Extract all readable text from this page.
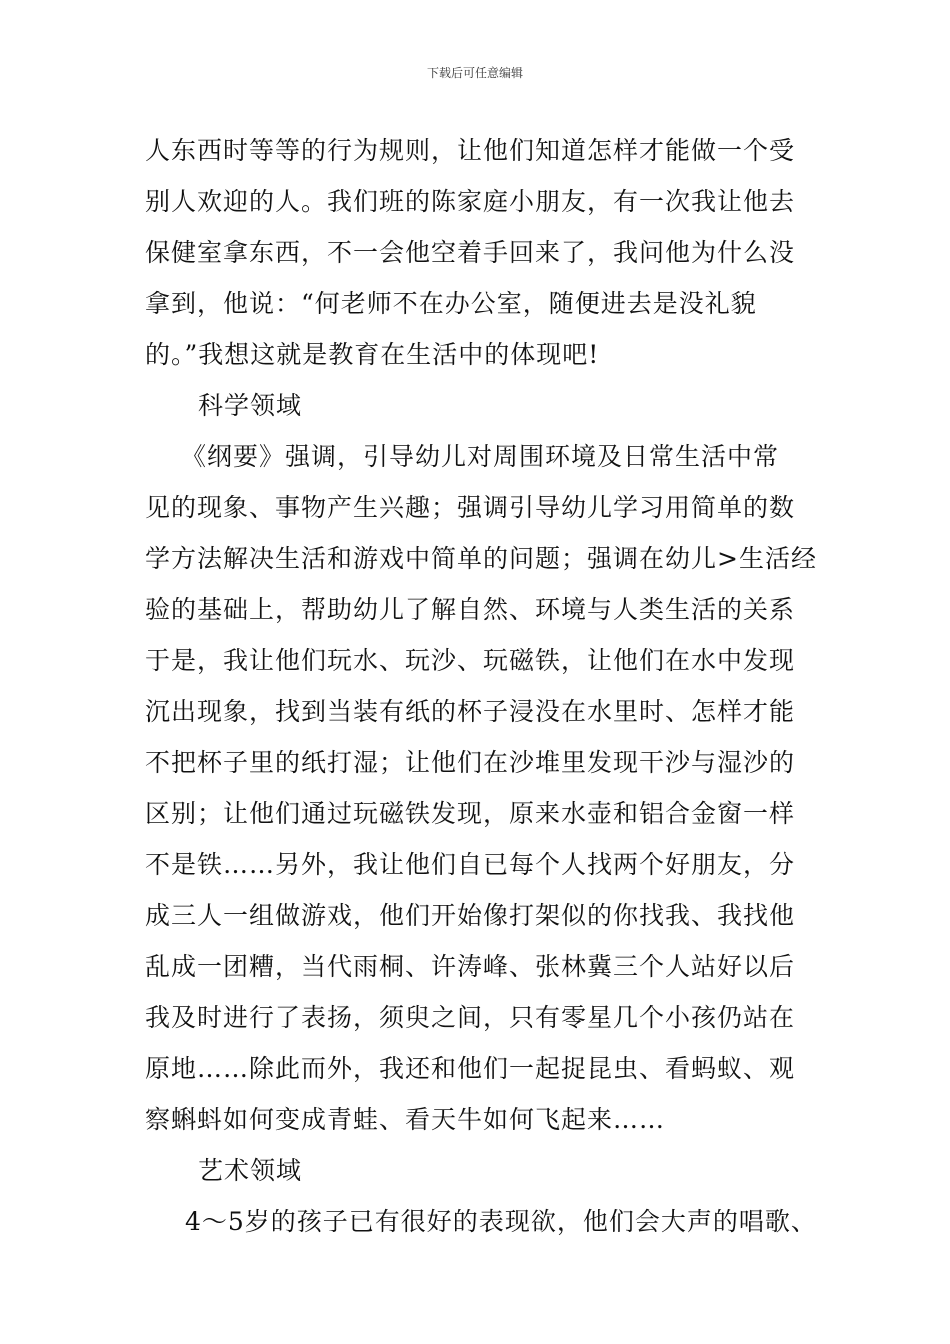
下载后可任意编辑
人东西时等等的行为规则，让他们知道怎样才能做一个受
别人欢迎的人。我们班的陈家庭小朋友，有一次我让他去
保健室拿东西，不一会他空着手回来了，我问他为什么没
拿到，他说：“何老师不在办公室，随便进去是没礼貌
的。”我想这就是教育在生活中的体现吧!
科学领域
《纲要》强调，引导幼儿对周围环境及日常生活中常
见的现象、事物产生兴趣；强调引导幼儿学习用简单的数
学方法解决生活和游戏中简单的问题；强调在幼儿>生活经
验的基础上，帮助幼儿了解自然、环境与人类生活的关系
于是，我让他们玩水、玩沙、玩磁铁，让他们在水中发现
沉出现象，找到当装有纸的杯子浸没在水里时、怎样才能
不把杯子里的纸打湿；让他们在沙堆里发现干沙与湿沙的
区别；让他们通过玩磁铁发现，原来水壶和铝合金窗一样
不是铁……另外，我让他们自已每个人找两个好朋友，分
成三人一组做游戏，他们开始像打架似的你找我、我找他
乱成一团糟，当代雨桐、许涛峰、张林冀三个人站好以后
我及时进行了表扬，须臾之间，只有零星几个小孩仍站在
原地……除此而外，我还和他们一起捉昆虫、看蚂蚁、观
察蝌蚪如何变成青蛙、看天牛如何飞起来……
艺术领域
4～5岁的孩子已有很好的表现欲，他们会大声的唱歌、
